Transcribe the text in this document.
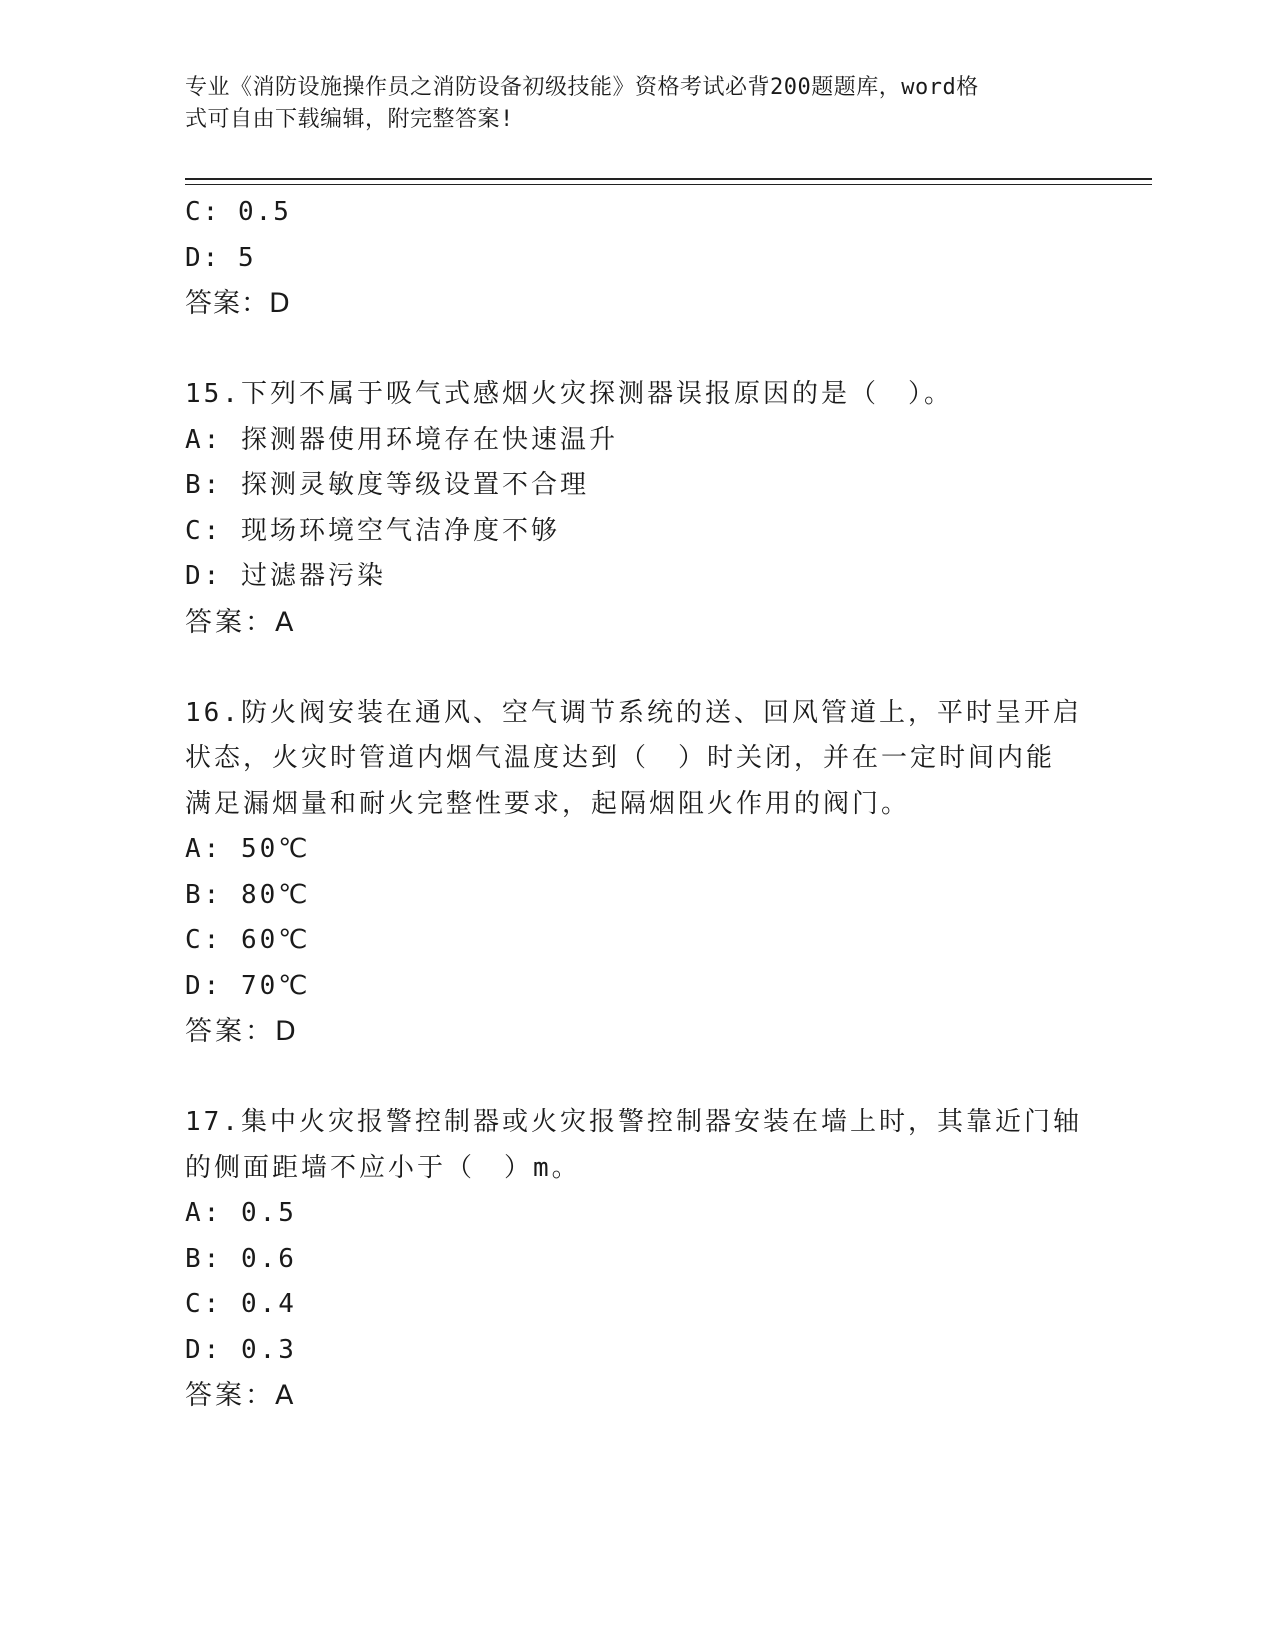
专业《消防设施操作员之消防设备初级技能》资格考试必背200题题库，word格
式可自由下载编辑，附完整答案!
C: 0.5
D: 5
答案：D
15.下列不属于吸气式感烟火灾探测器误报原因的是（　）。
A: 探测器使用环境存在快速温升
B: 探测灵敏度等级设置不合理
C: 现场环境空气洁净度不够
D: 过滤器污染
答案：A
16.防火阀安装在通风、空气调节系统的送、回风管道上，平时呈开启
状态，火灾时管道内烟气温度达到（　）时关闭，并在一定时间内能
满足漏烟量和耐火完整性要求，起隔烟阻火作用的阀门。
A: 50℃
B: 80℃
C: 60℃
D: 70℃
答案：D
17.集中火灾报警控制器或火灾报警控制器安装在墙上时，其靠近门轴
的侧面距墙不应小于（　）m。
A: 0.5
B: 0.6
C: 0.4
D: 0.3
答案：A
